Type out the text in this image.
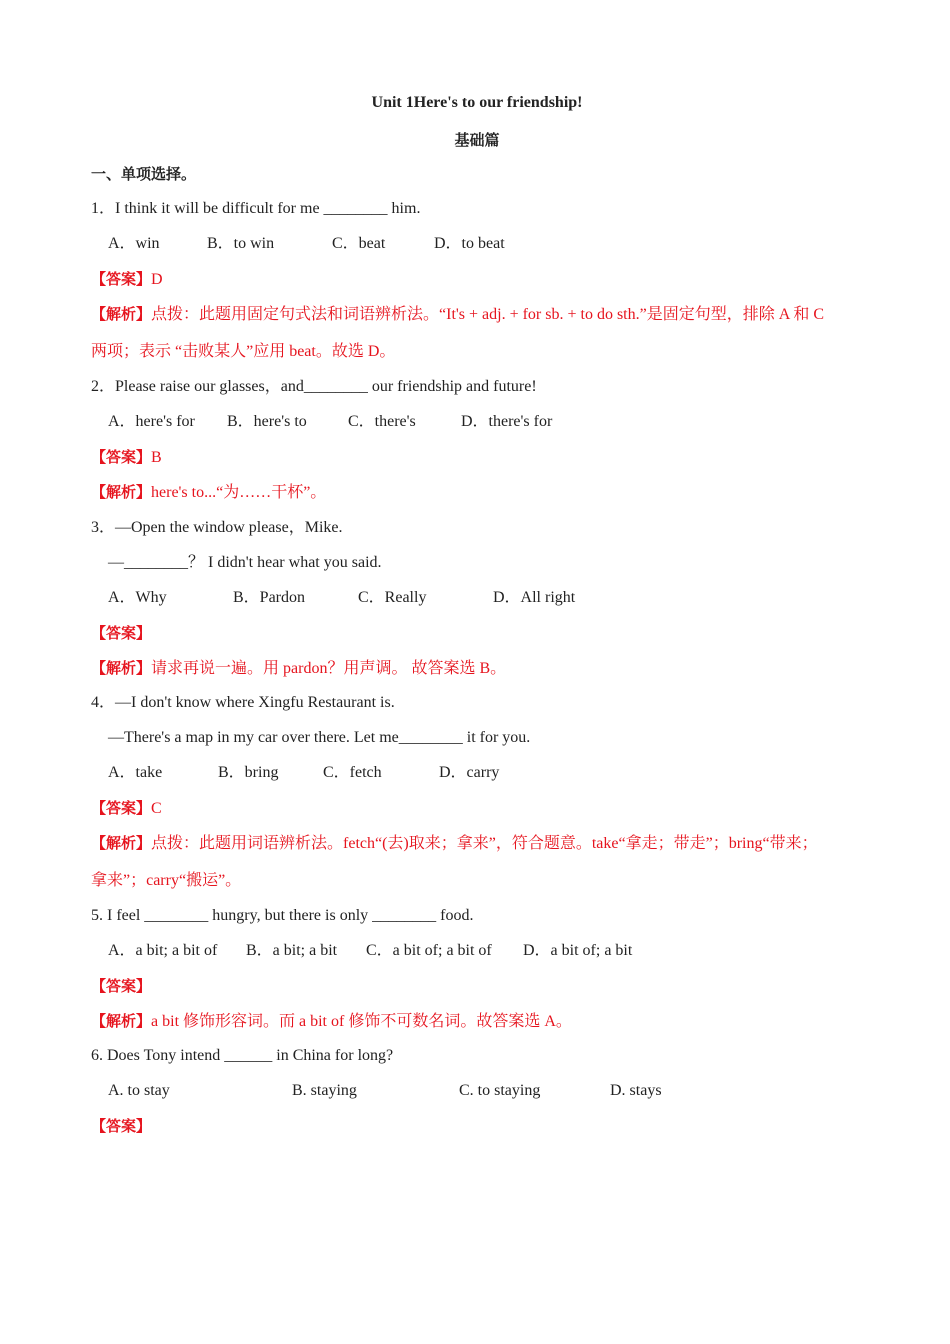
Unit 1Here's to our friendship!
基础篇
一、单项选择。
1．I think it will be difficult for me ________ him.
A．win	B．to win	C．beat	D．to beat
【答案】D
【解析】点拨：此题用固定句式法和词语辨析法。“It's + adj. + for sb. + to do sth.”是固定句型，排除 A 和 C
两项；表示 “击败某人”应用 beat。故选 D。
2．Please raise our glasses，and________ our friendship and future!
A．here's for B．here's to	C．there's	D．there's for
【答案】B
【解析】here's to...“为……干杯”。
3．—Open the window please，Mike.
—________？ I didn't hear what you said.
A．Why	B．Pardon	C．Really	D．All right
【答案】
【解析】请求再说一遍。用 pardon？用声调。 故答案选 B。
4．—I don't know where Xingfu Restaurant is.
—There's a map in my car over there. Let me________ it for you.
A．take	B．bring	C．fetch	D．carry
【答案】C
【解析】点拨：此题用词语辨析法。fetch“(去)取来；拿来”，符合题意。take“拿走；带走”；bring“带来；
拿来”；carry“搬运”。
5. I feel ________ hungry, but there is only ________ food.
A．a bit; a bit of B．a bit; a bit C．a bit of; a bit of D．a bit of; a bit
【答案】
【解析】a bit 修饰形容词。而 a bit of 修饰不可数名词。故答案选 A。
6. Does Tony intend ______ in China for long?
A. to stay	B. staying	C. to staying	D. stays
【答案】
